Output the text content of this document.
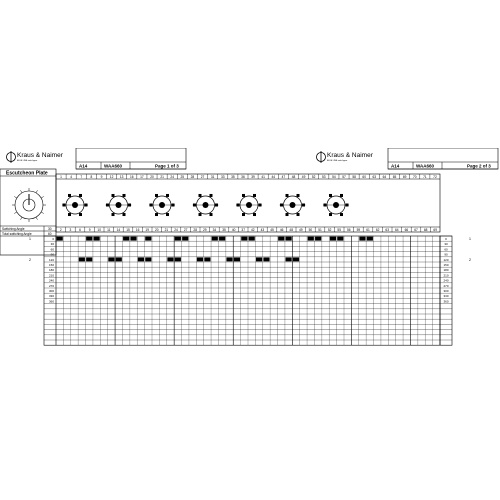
Kraus & Naimer
BLUE LINE switchgear
A14	WAA660	Page 1 of 3
Kraus & Naimer
BLUE LINE switchgear
A14	WAA660	Page 2 of 3
Escutcheon Plate
Switching Angle	30
Total switching Angle	60
1	4	7	8	9 12 13 16 17 20 21 24 25 28 27 31 33 35 36 39 41 44 47 48 49 52 53 54 57 58 60 63 64 65 69 70 71 72
2 3 6 9 10 11 14 15 16 19 20 21 24 27 28 29 34 35 40 37 42 43 45 46 48 49 50 51 52 55 56 59 61 62 63 64 66 67 68 69
0
30
60
90
120
150
180
210
240
270
300
330
360
0
30
60
90
120
150
180
210
240
270
300
330
360
1	1
2	2
